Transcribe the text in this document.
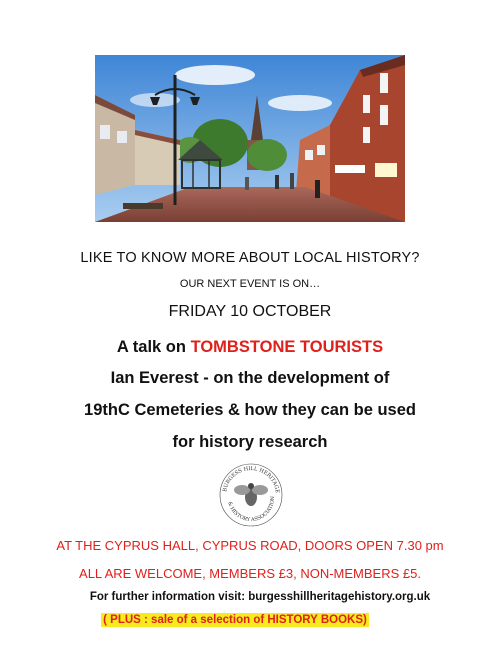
LIKE TO KNOW MORE ABOUT LOCAL HISTORY?
OUR NEXT EVENT IS ON…
FRIDAY 10 OCTOBER
A talk on TOMBSTONE TOURISTS
Ian Everest - on the development of
19thC Cemeteries & how they can be used
for history research
BURGESS HILL HERITAGE
& HISTORY ASSOCIATION
AT THE CYPRUS HALL, CYPRUS ROAD, DOORS OPEN 7.30 pm
ALL ARE WELCOME, MEMBERS £3, NON-MEMBERS £5.
For further information visit: burgesshillheritagehistory.org.uk
( PLUS : sale of a selection of HISTORY BOOKS)
